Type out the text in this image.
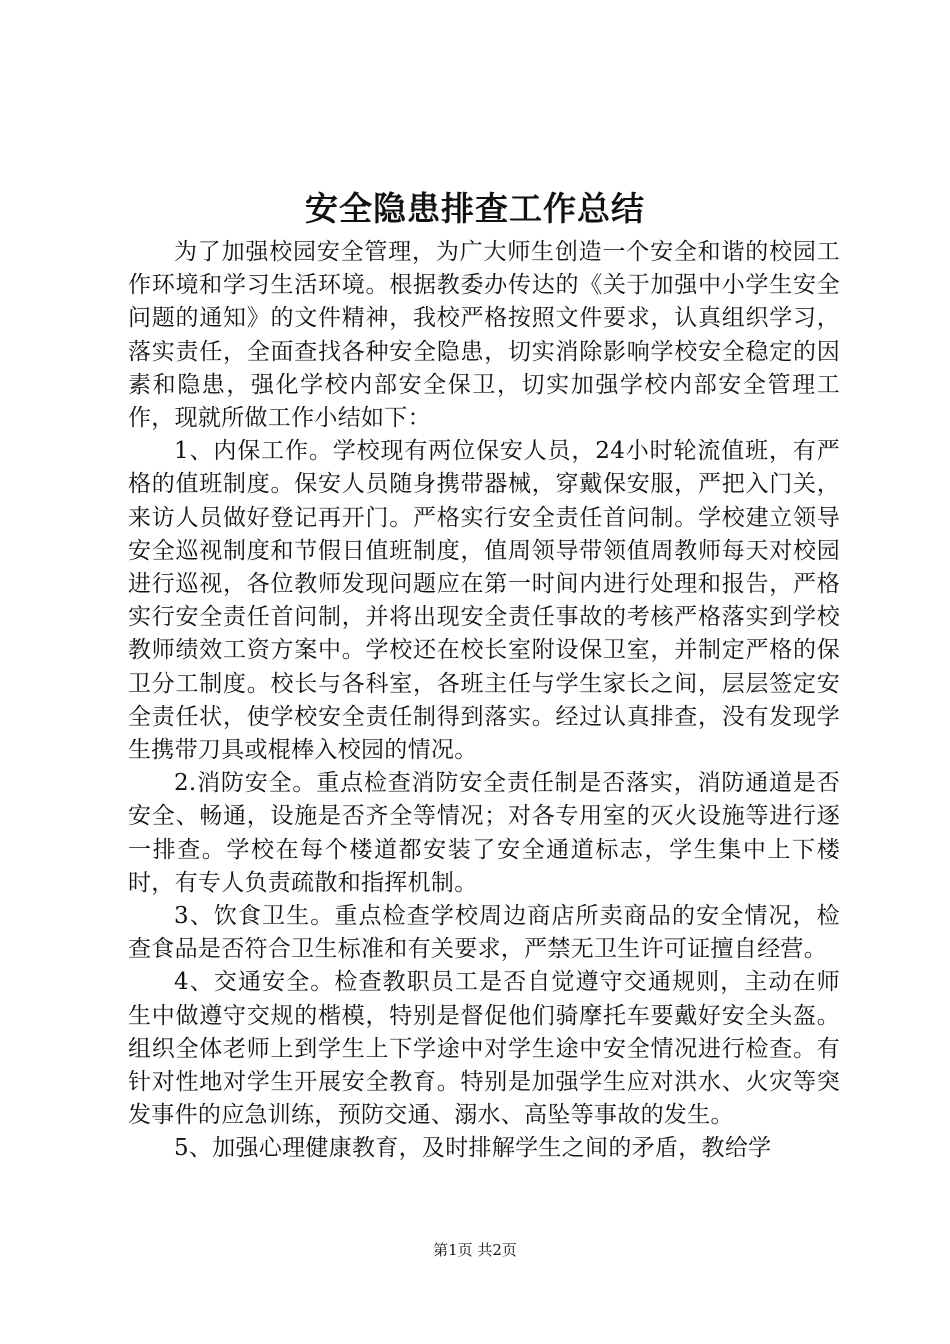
安全隐患排查工作总结

为了加强校园安全管理，为广大师生创造一个安全和谐的校园工作环境和学习生活环境。根据教委办传达的《关于加强中小学生安全问题的通知》的文件精神，我校严格按照文件要求，认真组织学习，落实责任，全面查找各种安全隐患，切实消除影响学校安全稳定的因素和隐患，强化学校内部安全保卫，切实加强学校内部安全管理工作，现就所做工作小结如下：

1、内保工作。学校现有两位保安人员，24小时轮流值班，有严格的值班制度。保安人员随身携带器械，穿戴保安服，严把入门关，来访人员做好登记再开门。严格实行安全责任首问制。学校建立领导安全巡视制度和节假日值班制度，值周领导带领值周教师每天对校园进行巡视，各位教师发现问题应在第一时间内进行处理和报告，严格实行安全责任首问制，并将出现安全责任事故的考核严格落实到学校教师绩效工资方案中。学校还在校长室附设保卫室，并制定严格的保卫分工制度。校长与各科室，各班主任与学生家长之间，层层签定安全责任状，使学校安全责任制得到落实。经过认真排查，没有发现学生携带刀具或棍棒入校园的情况。

2.消防安全。重点检查消防安全责任制是否落实，消防通道是否安全、畅通，设施是否齐全等情况；对各专用室的灭火设施等进行逐一排查。学校在每个楼道都安装了安全通道标志，学生集中上下楼时，有专人负责疏散和指挥机制。

3、饮食卫生。重点检查学校周边商店所卖商品的安全情况，检查食品是否符合卫生标准和有关要求，严禁无卫生许可证擅自经营。

4、交通安全。检查教职员工是否自觉遵守交通规则，主动在师生中做遵守交规的楷模，特别是督促他们骑摩托车要戴好安全头盔。组织全体老师上到学生上下学途中对学生途中安全情况进行检查。有针对性地对学生开展安全教育。特别是加强学生应对洪水、火灾等突发事件的应急训练，预防交通、溺水、高坠等事故的发生。

5、加强心理健康教育，及时排解学生之间的矛盾，教给学

第1页 共2页
